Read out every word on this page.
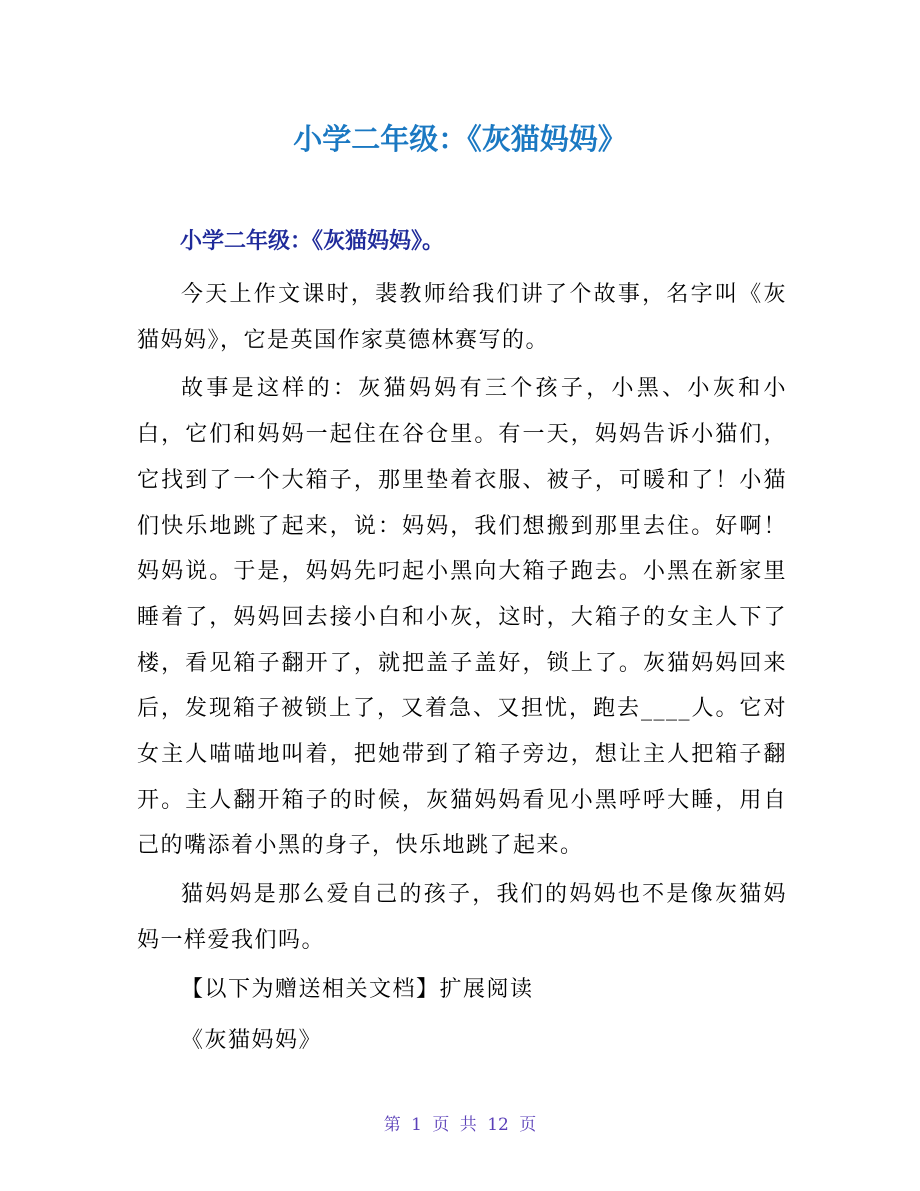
小学二年级：《灰猫妈妈》
小学二年级：《灰猫妈妈》。

今天上作文课时，裴教师给我们讲了个故事，名字叫《灰猫妈妈》，它是英国作家莫德林赛写的。

故事是这样的：灰猫妈妈有三个孩子，小黑、小灰和小白，它们和妈妈一起住在谷仓里。有一天，妈妈告诉小猫们，它找到了一个大箱子，那里垫着衣服、被子，可暖和了！小猫们快乐地跳了起来，说：妈妈，我们想搬到那里去住。好啊！妈妈说。于是，妈妈先叼起小黑向大箱子跑去。小黑在新家里睡着了，妈妈回去接小白和小灰，这时，大箱子的女主人下了楼，看见箱子翻开了，就把盖子盖好，锁上了。灰猫妈妈回来后，发现箱子被锁上了，又着急、又担忧，跑去____人。它对女主人喵喵地叫着，把她带到了箱子旁边，想让主人把箱子翻开。主人翻开箱子的时候，灰猫妈妈看见小黑呼呼大睡，用自己的嘴添着小黑的身子，快乐地跳了起来。

猫妈妈是那么爱自己的孩子，我们的妈妈也不是像灰猫妈妈一样爱我们吗。

【以下为赠送相关文档】扩展阅读

《灰猫妈妈》

第 1 页 共 12 页
